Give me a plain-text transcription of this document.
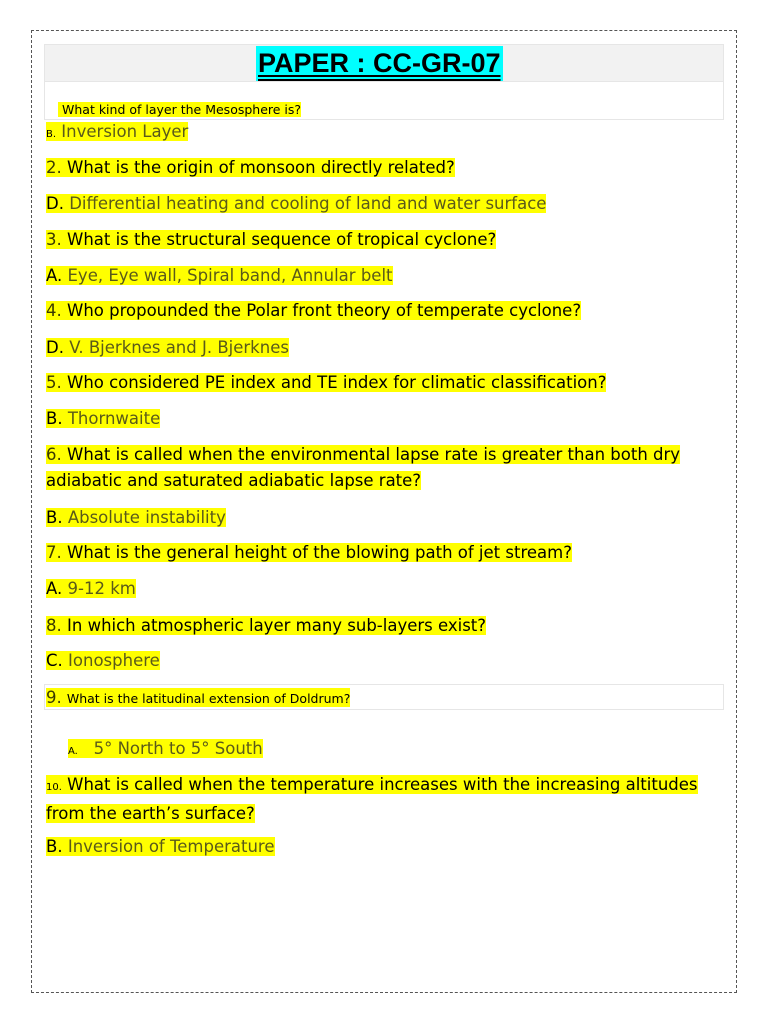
PAPER : CC-GR-07
What kind of layer the Mesosphere is?
B. Inversion Layer
2. What is the origin of monsoon directly related?
D. Differential heating and cooling of land and water surface
3. What is the structural sequence of tropical cyclone?
A. Eye, Eye wall, Spiral band, Annular belt
4. Who propounded the Polar front theory of temperate cyclone?
D. V. Bjerknes and J. Bjerknes
5. Who considered PE index and TE index for climatic classification?
B. Thornwaite
6. What is called when the environmental lapse rate is greater than both dry adiabatic and saturated adiabatic lapse rate?
B. Absolute instability
7. What is the general height of the blowing path of jet stream?
A. 9-12 km
8. In which atmospheric layer many sub-layers exist?
C. Ionosphere
9. What is the latitudinal extension of Doldrum?
A. 5° North to 5° South
10. What is called when the temperature increases with the increasing altitudes from the earth’s surface?
B. Inversion of Temperature
